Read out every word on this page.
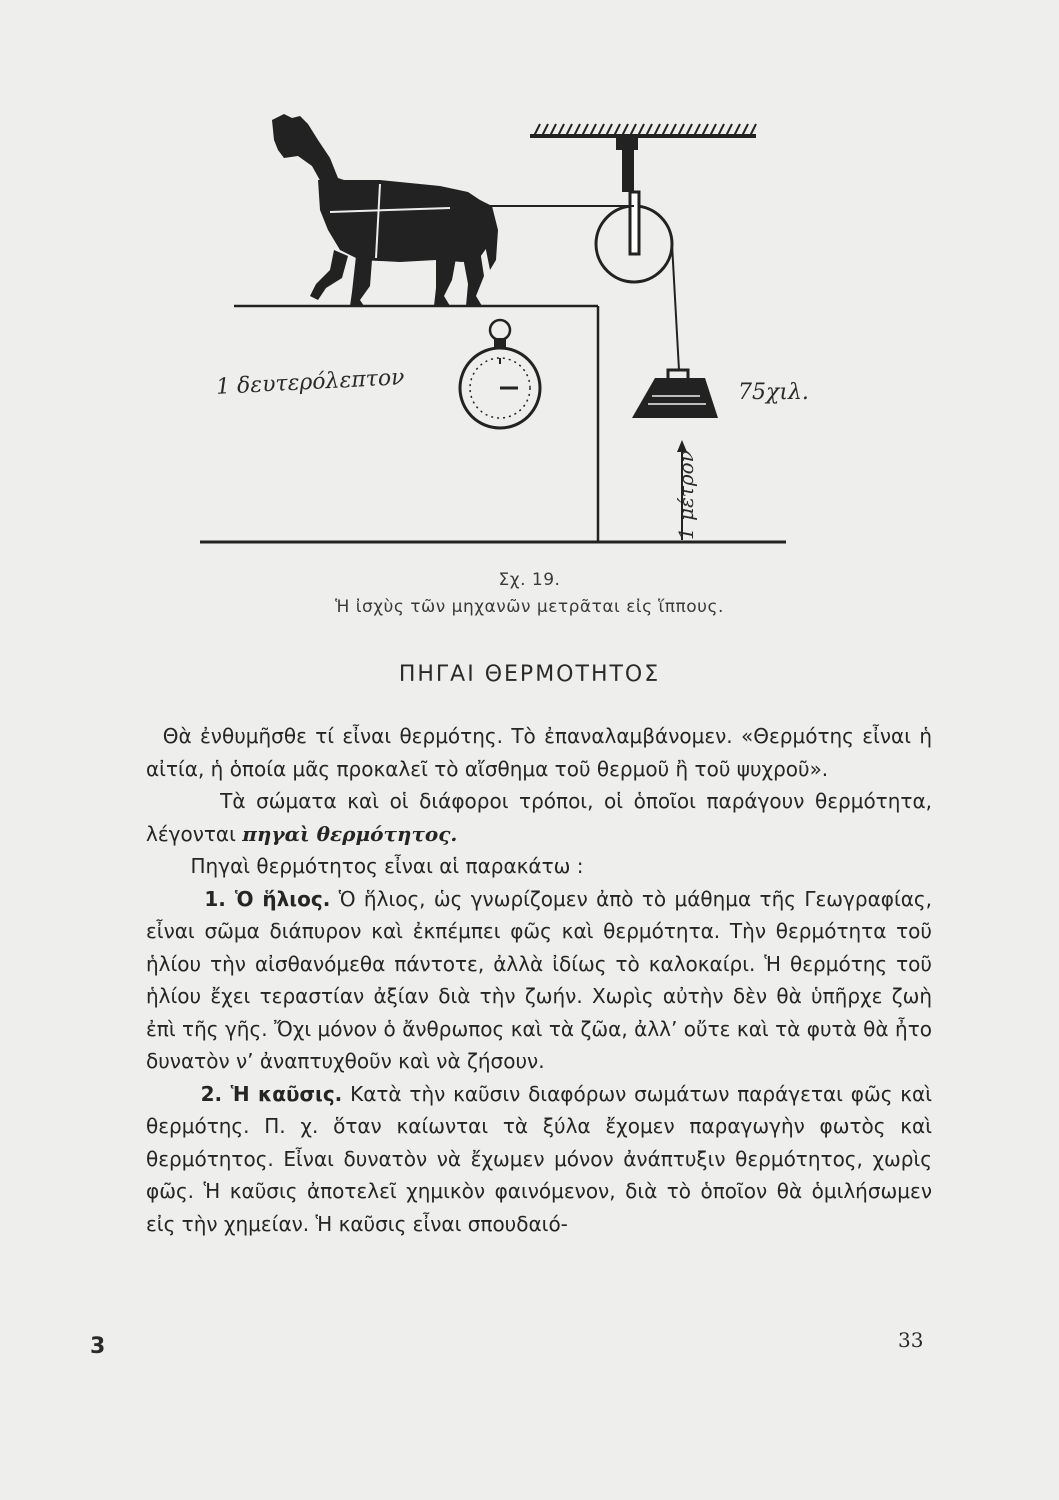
1 δευτερόλεπτον	75χιλ.
1 μέτρον
Σχ. 19.
Ἡ ἰσχὺς τῶν μηχανῶν μετρᾶται εἰς ἵππους.
ΠΗΓΑΙ ΘΕΡΜΟΤΗΤΟΣ

Θὰ ἐνθυμῆσθε τί εἶναι θερμότης. Τὸ ἐπαναλαμβάνομεν. «Θερμότης εἶναι ἡ αἰτία, ἡ ὁποία μᾶς προκαλεῖ τὸ αἴσθημα τοῦ θερμοῦ ἢ τοῦ ψυχροῦ».

Τὰ σώματα καὶ οἱ διάφοροι τρόποι, οἱ ὁποῖοι παράγουν θερμότητα, λέγονται πηγαὶ θερμότητος.

Πηγαὶ θερμότητος εἶναι αἱ παρακάτω :

1. Ὁ ἥλιος. Ὁ ἥλιος, ὡς γνωρίζομεν ἀπὸ τὸ μάθημα τῆς Γεωγραφίας, εἶναι σῶμα διάπυρον καὶ ἐκπέμπει φῶς καὶ θερμότητα. Τὴν θερμότητα τοῦ ἡλίου τὴν αἰσθανόμεθα πάντοτε, ἀλλὰ ἰδίως τὸ καλοκαίρι. Ἡ θερμότης τοῦ ἡλίου ἔχει τεραστίαν ἀξίαν διὰ τὴν ζωήν. Χωρὶς αὐτὴν δὲν θὰ ὑπῆρχε ζωὴ ἐπὶ τῆς γῆς. Ὄχι μόνον ὁ ἄνθρωπος καὶ τὰ ζῶα, ἀλλ’ οὔτε καὶ τὰ φυτὰ θὰ ἦτο δυνατὸν ν’ ἀναπτυχθοῦν καὶ νὰ ζήσουν.

2. Ἡ καῦσις. Κατὰ τὴν καῦσιν διαφόρων σωμάτων παράγεται φῶς καὶ θερμότης. Π. χ. ὅταν καίωνται τὰ ξύλα ἔχομεν παραγωγὴν φωτὸς καὶ θερμότητος. Εἶναι δυνατὸν νὰ ἔχωμεν μόνον ἀνάπτυξιν θερμότητος, χωρὶς φῶς. Ἡ καῦσις ἀποτελεῖ χημικὸν φαινόμενον, διὰ τὸ ὁποῖον θὰ ὁμιλήσωμεν εἰς τὴν χημείαν. Ἡ καῦσις εἶναι σπουδαιό-

3	33
